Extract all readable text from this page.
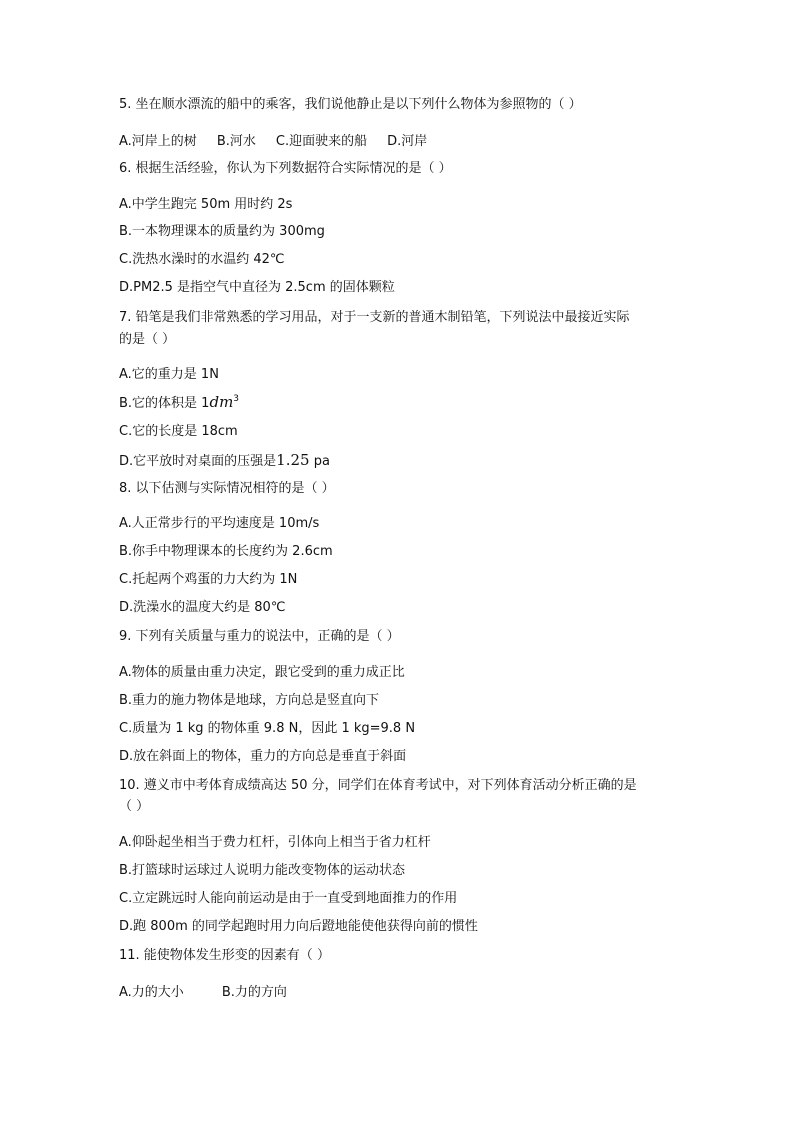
5. 坐在顺水漂流的船中的乘客，我们说他静止是以下列什么物体为参照物的（ ）
A.河岸上的树 B.河水 C.迎面驶来的船 D.河岸
6. 根据生活经验，你认为下列数据符合实际情况的是（ ）
A.中学生跑完 50m 用时约 2s
B.一本物理课本的质量约为 300mg
C.洗热水澡时的水温约 42℃
D.PM2.5 是指空气中直径为 2.5cm 的固体颗粒
7. 铅笔是我们非常熟悉的学习用品，对于一支新的普通木制铅笔，下列说法中最接近实际
的是（ ）
A.它的重力是 1N
B.它的体积是 $1dm^3$
C.它的长度是 18cm
D.它平放时对桌面的压强是1.25 pa
8. 以下估测与实际情况相符的是（ ）
A.人正常步行的平均速度是 10m/s
B.你手中物理课本的长度约为 2.6cm
C.托起两个鸡蛋的力大约为 1N
D.洗澡水的温度大约是 80℃
9. 下列有关质量与重力的说法中，正确的是（ ）
A.物体的质量由重力决定，跟它受到的重力成正比
B.重力的施力物体是地球，方向总是竖直向下
C.质量为 1 kg 的物体重 9.8 N，因此 1 kg=9.8 N
D.放在斜面上的物体，重力的方向总是垂直于斜面
10. 遵义市中考体育成绩高达 50 分，同学们在体育考试中，对下列体育活动分析正确的是
（ ）
A.仰卧起坐相当于费力杠杆，引体向上相当于省力杠杆
B.打篮球时运球过人说明力能改变物体的运动状态
C.立定跳远时人能向前运动是由于一直受到地面推力的作用
D.跑 800m 的同学起跑时用力向后蹬地能使他获得向前的惯性
11. 能使物体发生形变的因素有（ ）
A.力的大小	B.力的方向
